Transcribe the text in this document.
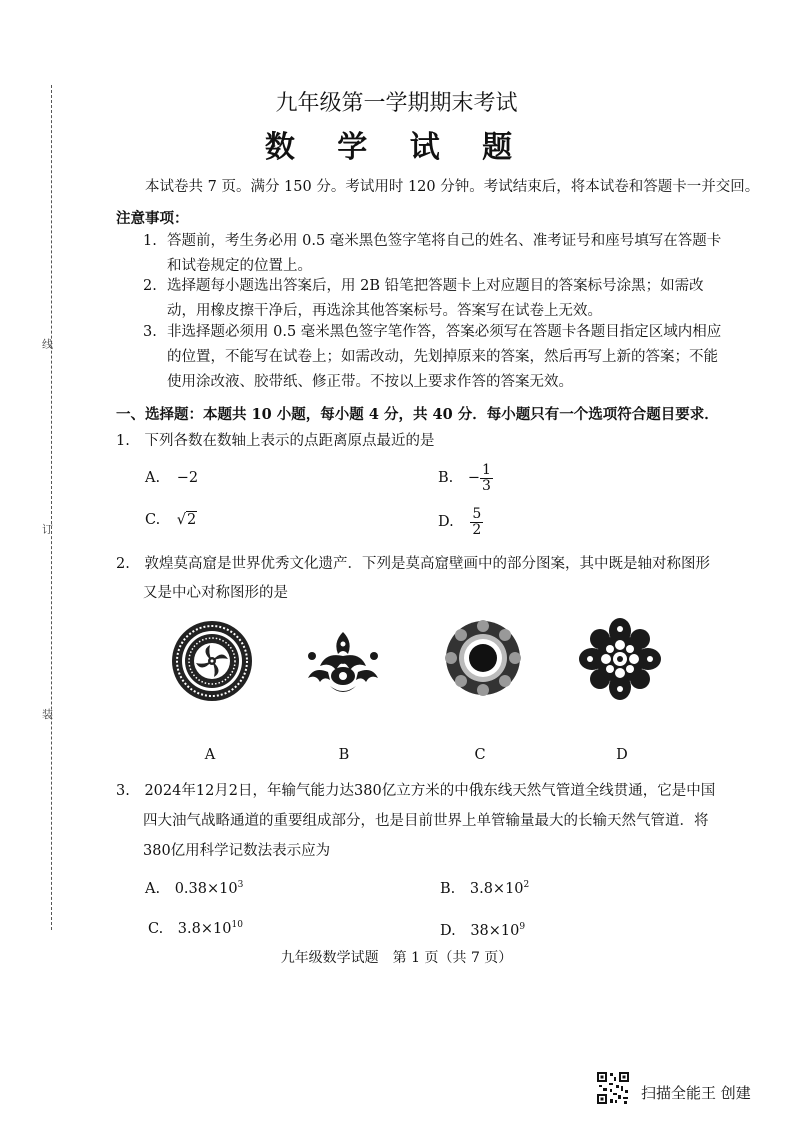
线
订
装
九年级第一学期期末考试
数 学 试 题
本试卷共 7 页。满分 150 分。考试用时 120 分钟。考试结束后，将本试卷和答题卡一并交回。
注意事项：
1. 答题前，考生务必用 0.5 毫米黑色签字笔将自己的姓名、准考证号和座号填写在答题卡和试卷规定的位置上。
2. 选择题每小题选出答案后，用 2B 铅笔把答题卡上对应题目的答案标号涂黑；如需改动，用橡皮擦干净后，再选涂其他答案标号。答案写在试卷上无效。
3. 非选择题必须用 0.5 毫米黑色签字笔作答，答案必须写在答题卡各题目指定区域内相应的位置，不能写在试卷上；如需改动，先划掉原来的答案，然后再写上新的答案；不能使用涂改液、胶带纸、修正带。不按以上要求作答的答案无效。
一、选择题：本题共 10 小题，每小题 4 分，共 40 分．每小题只有一个选项符合题目要求．
1. 下列各数在数轴上表示的点距离原点最近的是
A. −2	B. − $\frac{1}{3}$
C. √2	D. $\frac{5}{2}$
2. 敦煌莫高窟是世界优秀文化遗产．下列是莫高窟壁画中的部分图案，其中既是轴对称图形
又是中心对称图形的是
A	B	C	D
3. 2024年12月2日，年输气能力达380亿立方米的中俄东线天然气管道全线贯通，它是中国
四大油气战略通道的重要组成部分，也是目前世界上单管输量最大的长输天然气管道．将
380亿用科学记数法表示应为
A. $0.38\times 10^3$	B. $3.8\times 10^2$
C. $3.8\times 10^{10}$	D. $38\times 10^9$
九年级数学试题　第 1 页（共 7 页）
扫描全能王 创建
